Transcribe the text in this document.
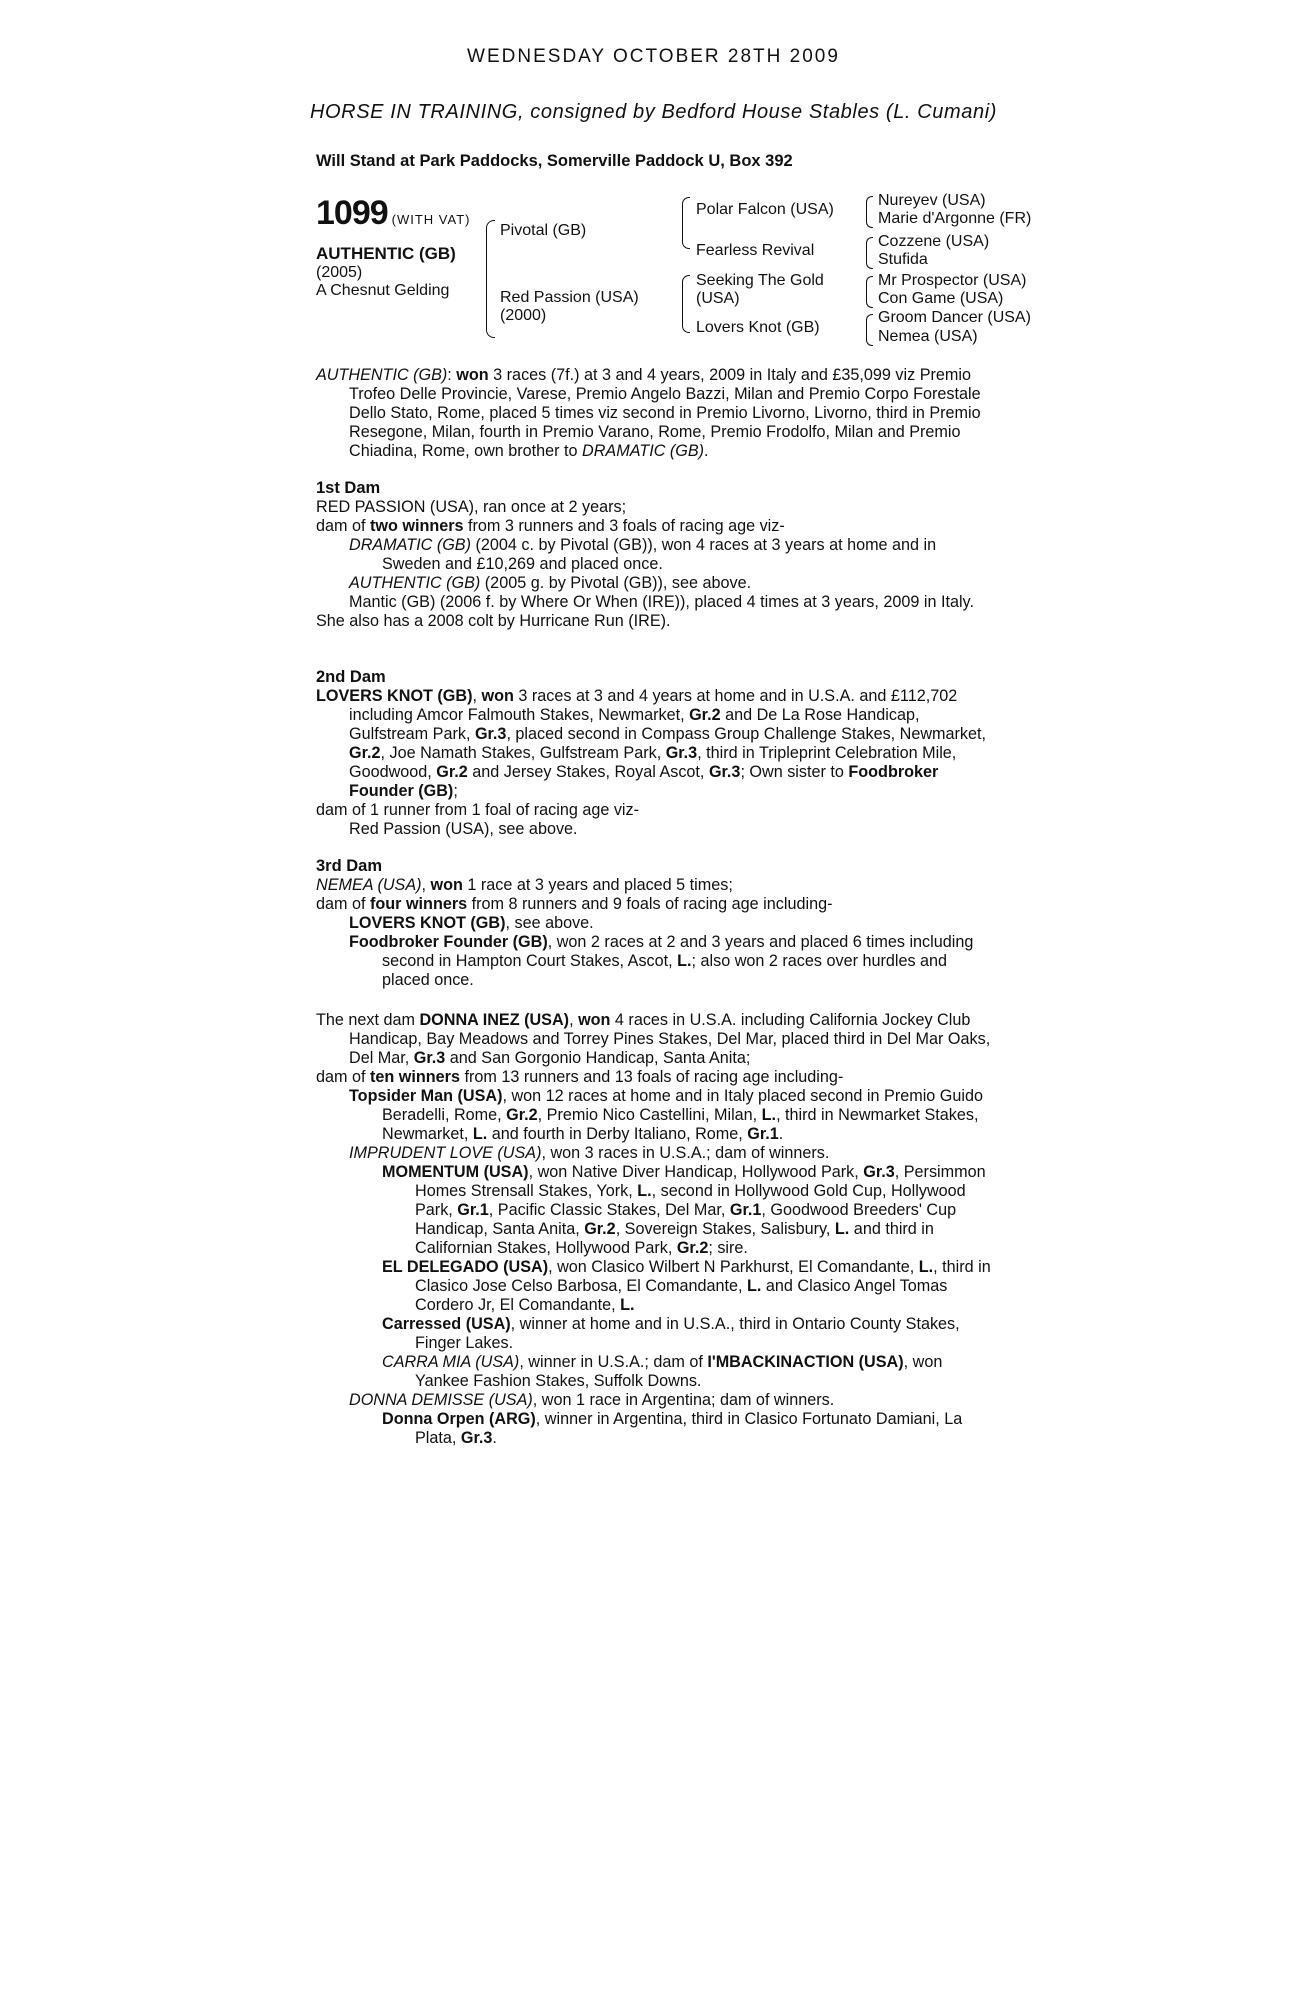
WEDNESDAY OCTOBER 28TH 2009
HORSE IN TRAINING, consigned by Bedford House Stables (L. Cumani)
Will Stand at Park Paddocks, Somerville Paddock U, Box 392
1099 (WITH VAT)
AUTHENTIC (GB)
(2005)
A Chesnut Gelding
Pivotal (GB)
Red Passion (USA)
(2000)
Polar Falcon (USA)
Fearless Revival
Seeking The Gold
(USA)
Lovers Knot (GB)
Nureyev (USA)
Marie d'Argonne (FR)
Cozzene (USA)
Stufida
Mr Prospector (USA)
Con Game (USA)
Groom Dancer (USA)
Nemea (USA)

AUTHENTIC (GB): won 3 races (7f.) at 3 and 4 years, 2009 in Italy and £35,099 viz Premio Trofeo Delle Provincie, Varese, Premio Angelo Bazzi, Milan and Premio Corpo Forestale Dello Stato, Rome, placed 5 times viz second in Premio Livorno, Livorno, third in Premio Resegone, Milan, fourth in Premio Varano, Rome, Premio Frodolfo, Milan and Premio Chiadina, Rome, own brother to DRAMATIC (GB).

1st Dam

RED PASSION (USA), ran once at 2 years;

dam of two winners from 3 runners and 3 foals of racing age viz-

DRAMATIC (GB) (2004 c. by Pivotal (GB)), won 4 races at 3 years at home and in Sweden and £10,269 and placed once.

AUTHENTIC (GB) (2005 g. by Pivotal (GB)), see above.

Mantic (GB) (2006 f. by Where Or When (IRE)), placed 4 times at 3 years, 2009 in Italy.

She also has a 2008 colt by Hurricane Run (IRE).

2nd Dam

LOVERS KNOT (GB), won 3 races at 3 and 4 years at home and in U.S.A. and £112,702 including Amcor Falmouth Stakes, Newmarket, Gr.2 and De La Rose Handicap, Gulfstream Park, Gr.3, placed second in Compass Group Challenge Stakes, Newmarket, Gr.2, Joe Namath Stakes, Gulfstream Park, Gr.3, third in Tripleprint Celebration Mile, Goodwood, Gr.2 and Jersey Stakes, Royal Ascot, Gr.3; Own sister to Foodbroker Founder (GB);

dam of 1 runner from 1 foal of racing age viz-

Red Passion (USA), see above.

3rd Dam

NEMEA (USA), won 1 race at 3 years and placed 5 times;

dam of four winners from 8 runners and 9 foals of racing age including-

LOVERS KNOT (GB), see above.

Foodbroker Founder (GB), won 2 races at 2 and 3 years and placed 6 times including second in Hampton Court Stakes, Ascot, L.; also won 2 races over hurdles and placed once.

The next dam DONNA INEZ (USA), won 4 races in U.S.A. including California Jockey Club Handicap, Bay Meadows and Torrey Pines Stakes, Del Mar, placed third in Del Mar Oaks, Del Mar, Gr.3 and San Gorgonio Handicap, Santa Anita;

dam of ten winners from 13 runners and 13 foals of racing age including-

Topsider Man (USA), won 12 races at home and in Italy placed second in Premio Guido Beradelli, Rome, Gr.2, Premio Nico Castellini, Milan, L., third in Newmarket Stakes, Newmarket, L. and fourth in Derby Italiano, Rome, Gr.1.

IMPRUDENT LOVE (USA), won 3 races in U.S.A.; dam of winners.

MOMENTUM (USA), won Native Diver Handicap, Hollywood Park, Gr.3, Persimmon Homes Strensall Stakes, York, L., second in Hollywood Gold Cup, Hollywood Park, Gr.1, Pacific Classic Stakes, Del Mar, Gr.1, Goodwood Breeders' Cup Handicap, Santa Anita, Gr.2, Sovereign Stakes, Salisbury, L. and third in Californian Stakes, Hollywood Park, Gr.2; sire.

EL DELEGADO (USA), won Clasico Wilbert N Parkhurst, El Comandante, L., third in Clasico Jose Celso Barbosa, El Comandante, L. and Clasico Angel Tomas Cordero Jr, El Comandante, L.

Carressed (USA), winner at home and in U.S.A., third in Ontario County Stakes, Finger Lakes.

CARRA MIA (USA), winner in U.S.A.; dam of I'MBACKINACTION (USA), won Yankee Fashion Stakes, Suffolk Downs.

DONNA DEMISSE (USA), won 1 race in Argentina; dam of winners.

Donna Orpen (ARG), winner in Argentina, third in Clasico Fortunato Damiani, La Plata, Gr.3.
